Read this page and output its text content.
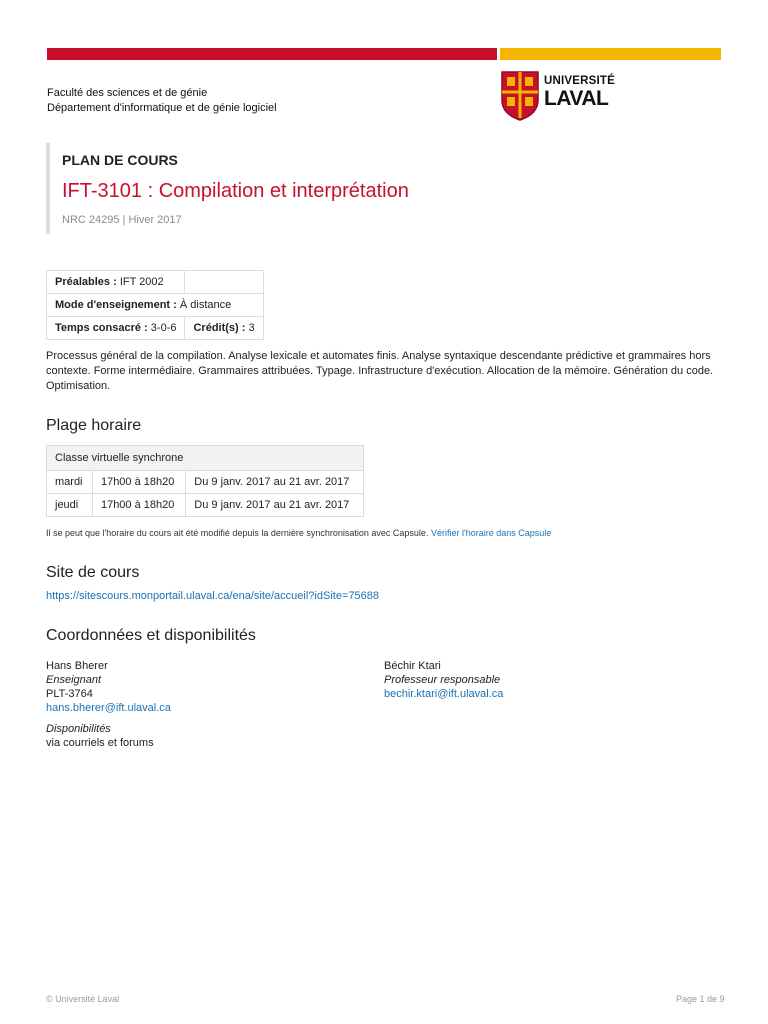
Faculté des sciences et de génie
Département d'informatique et de génie logiciel
UNIVERSITÉ
LAVAL
PLAN DE COURS
IFT-3101 : Compilation et interprétation
NRC 24295 | Hiver 2017
Préalables : IFT 2002	
Mode d'enseignement : À distance	
Temps consacré : 3-0-6	Crédit(s) : 3
Processus général de la compilation. Analyse lexicale et automates finis. Analyse syntaxique descendante prédictive et grammaires hors contexte. Forme intermédiaire. Grammaires attribuées. Typage. Infrastructure d'exécution. Allocation de la mémoire. Génération du code. Optimisation.
Plage horaire
Classe virtuelle synchrone		
mardi	17h00 à 18h20	Du 9 janv. 2017 au 21 avr. 2017
jeudi	17h00 à 18h20	Du 9 janv. 2017 au 21 avr. 2017
Il se peut que l'horaire du cours ait été modifié depuis la dernière synchronisation avec Capsule. Vérifier l'horaire dans Capsule
Site de cours
https://sitescours.monportail.ulaval.ca/ena/site/accueil?idSite=75688
Coordonnées et disponibilités
Hans Bherer
Enseignant
PLT-3764
hans.bherer@ift.ulaval.ca
Disponibilités
via courriels et forums
Béchir Ktari
Professeur responsable
bechir.ktari@ift.ulaval.ca
© Université Laval	Page 1 de 9
